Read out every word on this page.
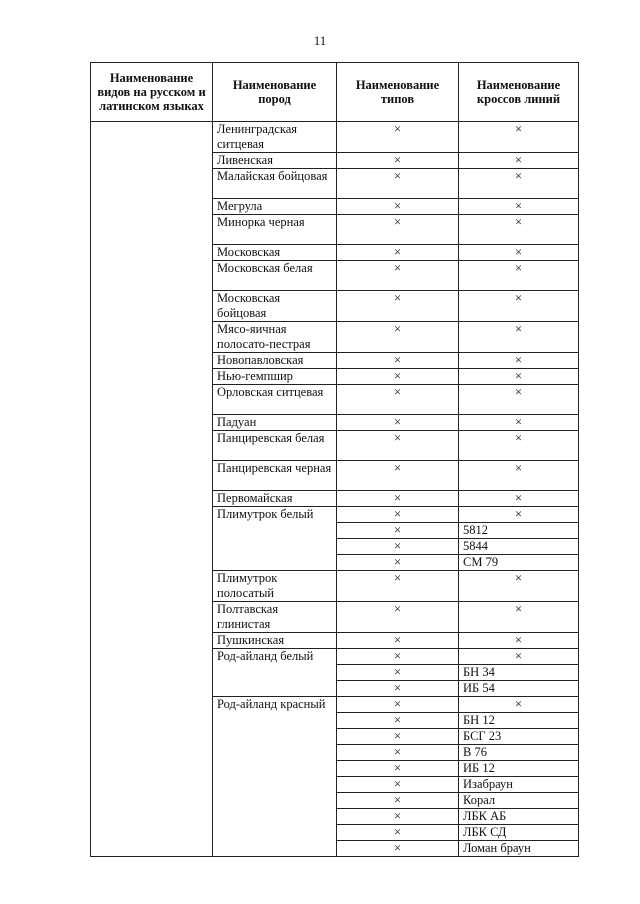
11
Наименование видов на русском и латинском языках	Наименование пород	Наименование типов	Наименование кроссов линий
	Ленинградская ситцевая	×	×
	Ливенская	×	×
	Малайская бойцовая	×	×
	Мегрула	×	×
	Минорка черная	×	×
	Московская	×	×
	Московская белая	×	×
	Московская бойцовая	×	×
	Мясо-яичная полосато-пестрая	×	×
	Новопавловская	×	×
	Нью-гемпшир	×	×
	Орловская ситцевая	×	×
	Падуан	×	×
	Панциревская белая	×	×
	Панциревская черная	×	×
	Первомайская	×	×
	Плимутрок белый	×	×
		×	5812
		×	5844
		×	СМ 79
	Плимутрок полосатый	×	×
	Полтавская глинистая	×	×
	Пушкинская	×	×
	Род-айланд белый	×	×
		×	БН 34
		×	ИБ 54
	Род-айланд красный	×	×
		×	БН 12
		×	БСГ 23
		×	В 76
		×	ИБ 12
		×	Изабраун
		×	Корал
		×	ЛБК АБ
		×	ЛБК СД
		×	Ломан браун
